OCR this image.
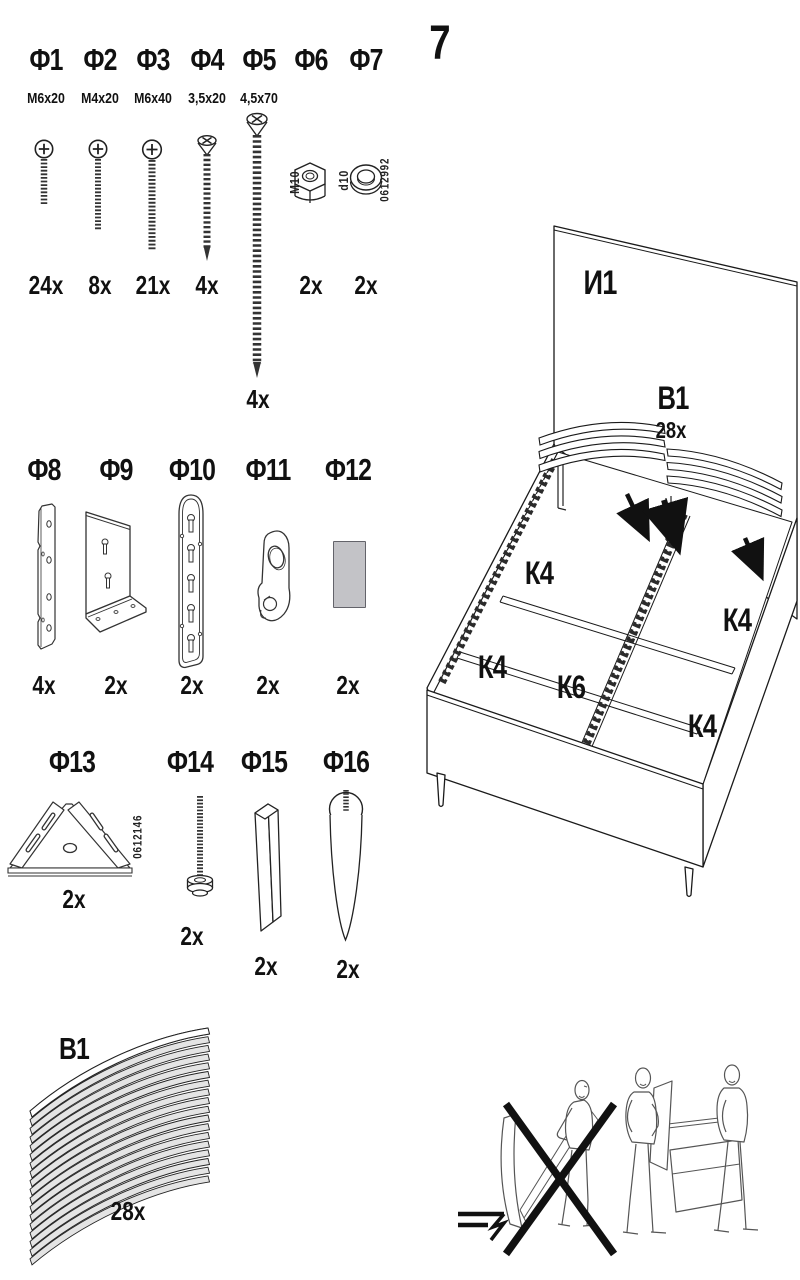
7
Ф1 Ф2 Ф3 Ф4 Ф5 Ф6 Ф7
M6x20	M4x20	M6x40	3,5x20 4,5x70
M10	d10 0612992
24x 8x 21x 4x	2x	2x
4x
Ф8 Ф9 Ф10 Ф11 Ф12
4x	2x	2x	2x	2x
Ф13 Ф14 Ф15 Ф16
0612146
2x
2x
2x	2x
В1
28x
И1
В1
28x
К4
К4
К6
К4
К4
